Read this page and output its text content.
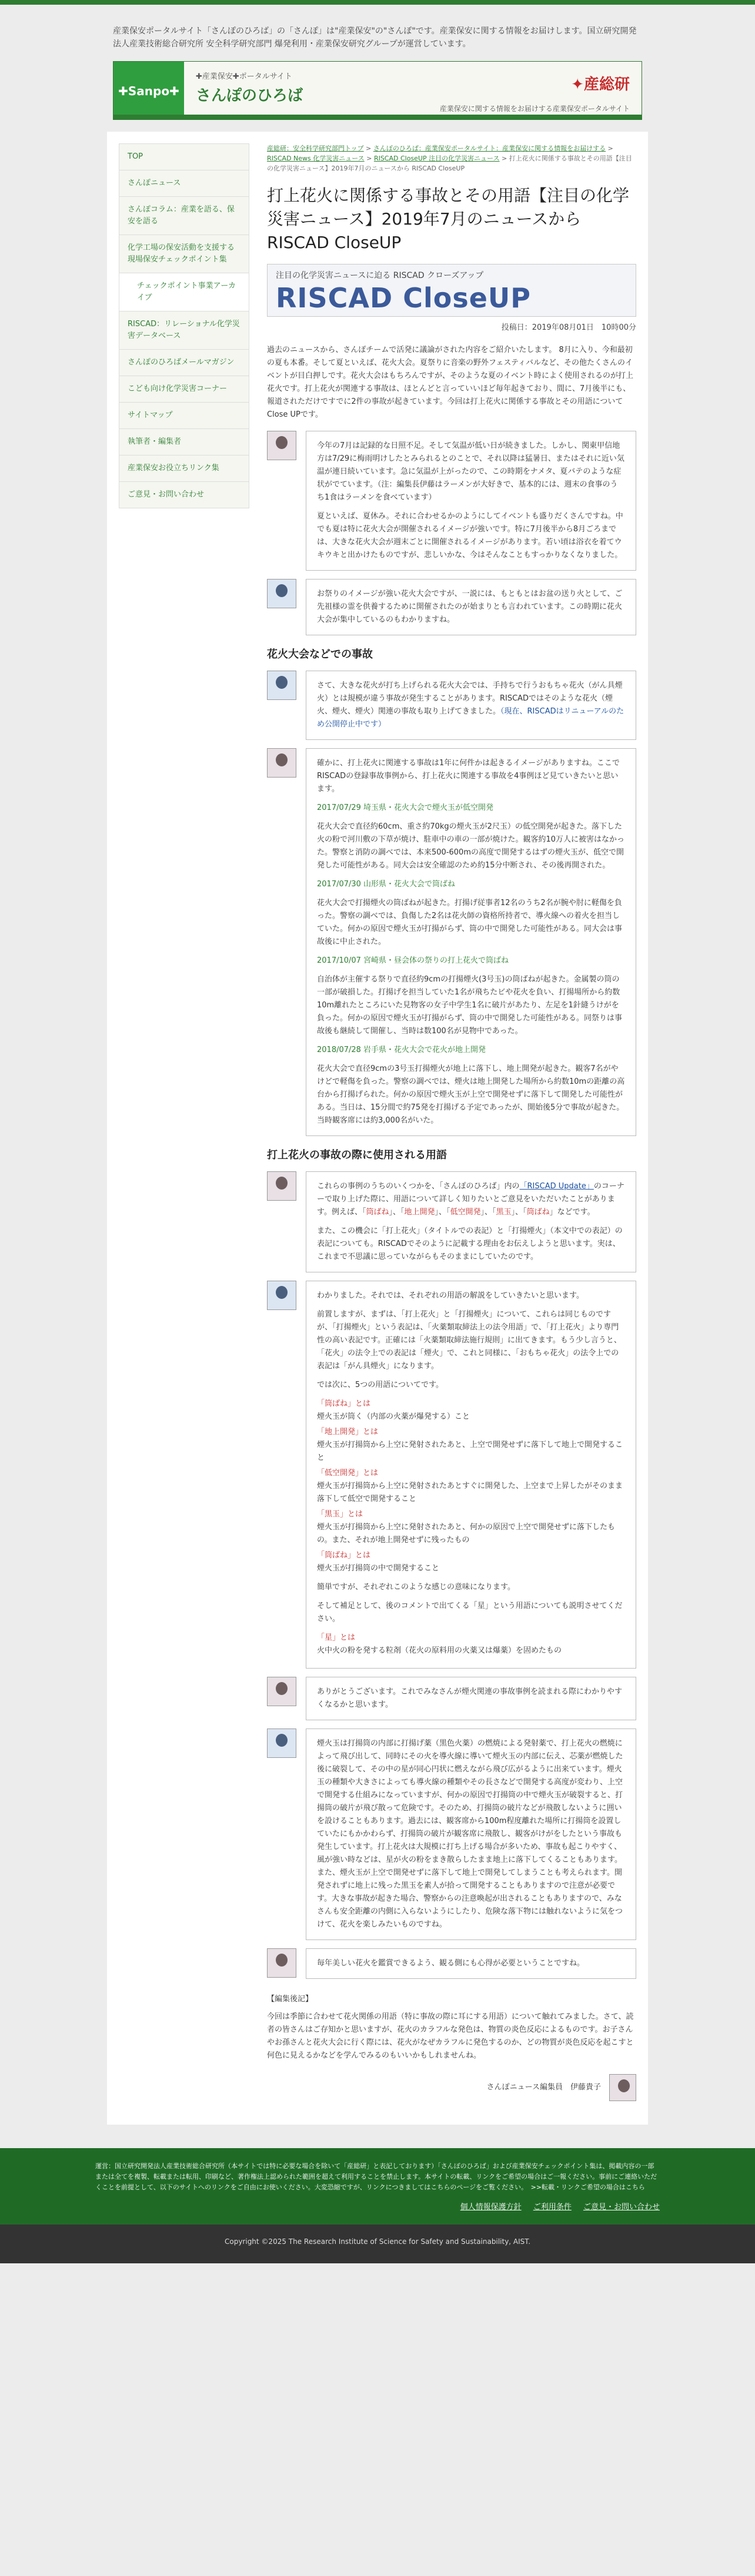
産業保安ポータルサイト「さんぽのひろば」の「さんぽ」は"産業保安"の"さんぽ"です。産業保安に関する情報をお届けします。国立研究開発法人産業技術総合研究所 安全科学研究部門 爆発利用・産業保安研究グループが運営しています。
✚Sanpo✚
✚産業保安✚ポータルサイト
さんぽのひろば
✦産総研
産業保安に関する情報をお届けする産業保安ポータルサイト
TOP
さんぽニュース
さんぽコラム：産業を語る、保安を語る
化学工場の保安活動を支援する現場保安チェックポイント集
チェックポイント事業アーカイブ
RISCAD：リレーショナル化学災害データベース
さんぽのひろばメールマガジン
こども向け化学災害コーナー
サイトマップ
執筆者・編集者
産業保安お役立ちリンク集
ご意見・お問い合わせ
産総研：安全科学研究部門トップ > さんぽのひろば：産業保安ポータルサイト：産業保安に関する情報をお届けする > RISCAD News 化学災害ニュース > RISCAD CloseUP 注目の化学災害ニュース > 打上花火に関係する事故とその用語【注目の化学災害ニュース】2019年7月のニュースから RISCAD CloseUP
打上花火に関係する事故とその用語【注目の化学災害ニュース】2019年7月のニュースから RISCAD CloseUP
注目の化学災害ニュースに迫る RISCAD クローズアップ
RISCAD CloseUP
投稿日：2019年08月01日　10時00分

過去のニュースから、さんぽチームで活発に議論がされた内容をご紹介いたします。 8月に入り、今和最初の夏も本番。そして夏といえば、花火大会。夏祭りに音楽の野外フェスティバルなど、その他たくさんのイベントが目白押しです。花火大会はもちろんですが、そのような夏のイベント時によく使用されるのが打上花火です。打上花火が関連する事故は、ほとんどと言っていいほど毎年起きており、間に、7月後半にも、報道されただけですでに2件の事故が起きています。今回は打上花火に関係する事故とその用語についてClose UPです。

今年の7月は記録的な日照不足。そして気温が低い日が続きました。しかし、関東甲信地方は7/29に梅雨明けしたとみられるとのことで、それ以降は猛暑日、またはそれに近い気温が連日続いています。急に気温が上がったので、この時期をナメタ、夏バテのような症状がでています。（注：編集長伊藤はラーメンが大好きで、基本的には、週末の食事のうち1食はラーメンを食べています）

夏といえば、夏休み。それに合わせるかのようにしてイベントも盛りだくさんですね。中でも夏は特に花火大会が開催されるイメージが強いです。特に7月後半から8月ごろまでは、大きな花火大会が週末ごとに開催されるイメージがあります。若い頃は浴衣を着てウキウキと出かけたものですが、悲しいかな、今はそんなこともすっかりなくなりました。

お祭りのイメージが強い花火大会ですが、一説には、もともとはお盆の送り火として、ご先祖様の霊を供養するために開催されたのが始まりとも言われています。この時期に花火大会が集中しているのもわかりますね。

花火大会などでの事故

さて、大きな花火が打ち上げられる花火大会では、手持ちで行うおもちゃ花火（がん具煙火）とは規模が違う事故が発生することがあります。RISCADではそのような花火（煙火、煙火、煙火）関連の事故も取り上げてきました。（現在、RISCADはリニューアルのため公開停止中です）

確かに、打上花火に関連する事故は1年に何件かは起きるイメージがありますね。ここでRISCADの登録事故事例から、打上花火に関連する事故を4事例ほど見ていきたいと思います。

2017/07/29 埼玉県・花火大会で煙火玉が低空開発

花火大会で直径約60cm、重さ約70kgの煙火玉が2尺玉）の低空開発が起きた。落下した火の粉で河川敷の下草が焼け、駐車中の車の一部が焼けた。観客約10万人に被害はなかった。警察と消防の調べでは、本来500-600mの高度で開発するはずの煙火玉が、低空で開発した可能性がある。同大会は安全確認のため約15分中断され、その後再開された。

2017/07/30 山形県・花火大会で筒ばね

花火大会で打揚煙火の筒ばねが起きた。打揚げ従事者12名のうち2名が腕や肘に軽傷を負った。警察の調べでは、負傷した2名は花火師の資格所持者で、導火線への着火を担当していた。何かの原因で煙火玉が打揚がらず、筒の中で開発した可能性がある。同大会は事故後に中止された。

2017/10/07 宮崎県・昼会体の祭りの打上花火で筒ばね

自治体が主催する祭りで直径約9cmの打揚煙火(3号玉)の筒ばねが起きた。金属製の筒の一部が破損した。打揚げを担当していた1名が飛ちたビや花火を負い、打揚場所から約数10m離れたところにいた見物客の女子中学生1名に破片があたり、左足を1針縫うけがを負った。何かの原因で煙火玉が打揚がらず、筒の中で開発した可能性がある。同祭りは事故後も継続して開催し、当時は数100名が見物中であった。

2018/07/28 岩手県・花火大会で花火が地上開発

花火大会で直径9cmの3号玉打揚煙火が地上に落下し、地上開発が起きた。観客7名がやけどで軽傷を負った。警察の調べでは、煙火は地上開発した場所から約数10mの距離の高台から打揚げられた。何かの原因で煙火玉が上空で開発せずに落下して開発した可能性がある。当日は、15分間で約75発を打揚げる予定であったが、開始後5分で事故が起きた。当時観客席には約3,000名がいた。

打上花火の事故の際に使用される用語

これらの事例のうちのいくつかを、「さんぽのひろば」内の「RISCAD Update」のコーナーで取り上げた際に、用語について詳しく知りたいとご意見をいただいたことがあります。例えば、「筒ばね」、「地上開発」、「低空開発」、「黒玉」、「筒ばね」などです。

また、この機会に「打上花火」（タイトルでの表記）と「打揚煙火」（本文中での表記）の表記についても。RISCADでそのように記載する理由をお伝えしようと思います。実は、これまで不思議に思っていながらもそのままにしていたのです。

わかりました。それでは、それぞれの用語の解説をしていきたいと思います。

前置しますが、まずは、「打上花火」と「打揚煙火」について、これらは同じものですが、「打揚煙火」という表記は、「火薬類取締法上の法令用語」で、「打上花火」より専門性の高い表記です。正確には「火薬類取締法施行規則」に出てきます。もう少し言うと、「花火」の法令上での表記は「煙火」で、これと同様に、「おもちゃ花火」の法令上での表記は「がん具煙火」になります。

では次に、5つの用語についてです。

「筒ばね」とは
煙火玉が筒く（内部の火薬が爆発する）こと
「地上開発」とは
煙火玉が打揚筒から上空に発射されたあと、上空で開発せずに落下して地上で開発すること
「低空開発」とは
煙火玉が打揚筒から上空に発射されたあとすぐに開発した、上空まで上昇したがそのまま落下して低空で開発すること
「黒玉」とは
煙火玉が打揚筒から上空に発射されたあと、何かの原因で上空で開発せずに落下したもの。また、それが地上開発せずに残ったもの
「筒ばね」とは
煙火玉が打揚筒の中で開発すること

簡単ですが、それぞれこのような感じの意味になります。

そして補足として、後のコメントで出てくる「星」という用語についても説明させてください。

「星」とは
火中火の粉を発する粒剤（花火の原料用の火薬又は爆薬）を固めたもの

ありがとうございます。これでみなさんが煙火関連の事故事例を読まれる際にわかりやすくなるかと思います。

煙火玉は打揚筒の内部に打揚げ薬（黒色火薬）の燃焼による発射薬で、打上花火の燃焼によって飛び出して、同時にその火を導火線に導いて煙火玉の内部に伝え、芯薬が燃焼した後に破裂して、その中の星が同心円状に燃えながら飛び広がるように出来ています。煙火玉の種類や大きさによっても導火線の種類やその長さなどで開発する高度が変わり、上空で開発する仕組みになっていますが、何かの原因で打揚筒の中で煙火玉が破裂すると、打揚筒の破片が飛び散って危険です。そのため、打揚筒の破片などが飛散しないように囲いを設けることもあります。過去には、観客席から100m程度離れた場所に打揚筒を設置していたにもかかわらず、打揚筒の破片が観客席に飛散し、観客がけがをしたという事故も発生しています。打上花火は大規模に打ち上げる場合が多いため、事故も起こりやすく、風が強い時などは、星が火の粉をまき散らしたまま地上に落下してくることもあります。また、煙火玉が上空で開発せずに落下して地上で開発してしまうことも考えられます。開発されずに地上に残った黒玉を素人が拾って開発することもありますので注意が必要です。大きな事故が起きた場合、警察からの注意喚起が出されることもありますので、みなさんも安全距離の内側に入らないようにしたり、危険な落下物には触れないように気をつけて、花火を楽しみたいものですね。

毎年美しい花火を鑑賞できるよう、観る側にも心得が必要ということですね。

【編集後記】

今回は季節に合わせて花火関係の用語（特に事故の際に耳にする用語）について触れてみました。さて、読者の皆さんはご存知かと思いますが、花火のカラフルな発色は、物質の炎色反応によるものです。お子さんやお孫さんと花火大会に行く際には、花火がなぜカラフルに発色するのか、どの物質が炎色反応を起こすと何色に見えるかなどを学んでみるのもいいかもしれませんね。

さんぽニュース編集員　伊藤貴子

運営：国立研究開発法人産業技術総合研究所（本サイトでは特に必要な場合を除いて「産総研」と表記しております）「さんぽのひろば」および産業保安チェックポイント集は、掲載内容の一部または全てを複製、転載または転用、印刷など、著作権法上認められた範囲を超えて利用することを禁止します。本サイトの転載、リンクをご希望の場合はご一報ください。事前にご連絡いただくことを前提として、以下のサイトへのリンクをご自由にお使いください。大変恐縮ですが、リンクにつきましてはこちらのページをご覧ください。　>>転載・リンクご希望の場合はこちら

個人情報保護方針 ご利用条件 ご意見・お問い合わせ
Copyright ©2025 The Research Institute of Science for Safety and Sustainability, AIST.
